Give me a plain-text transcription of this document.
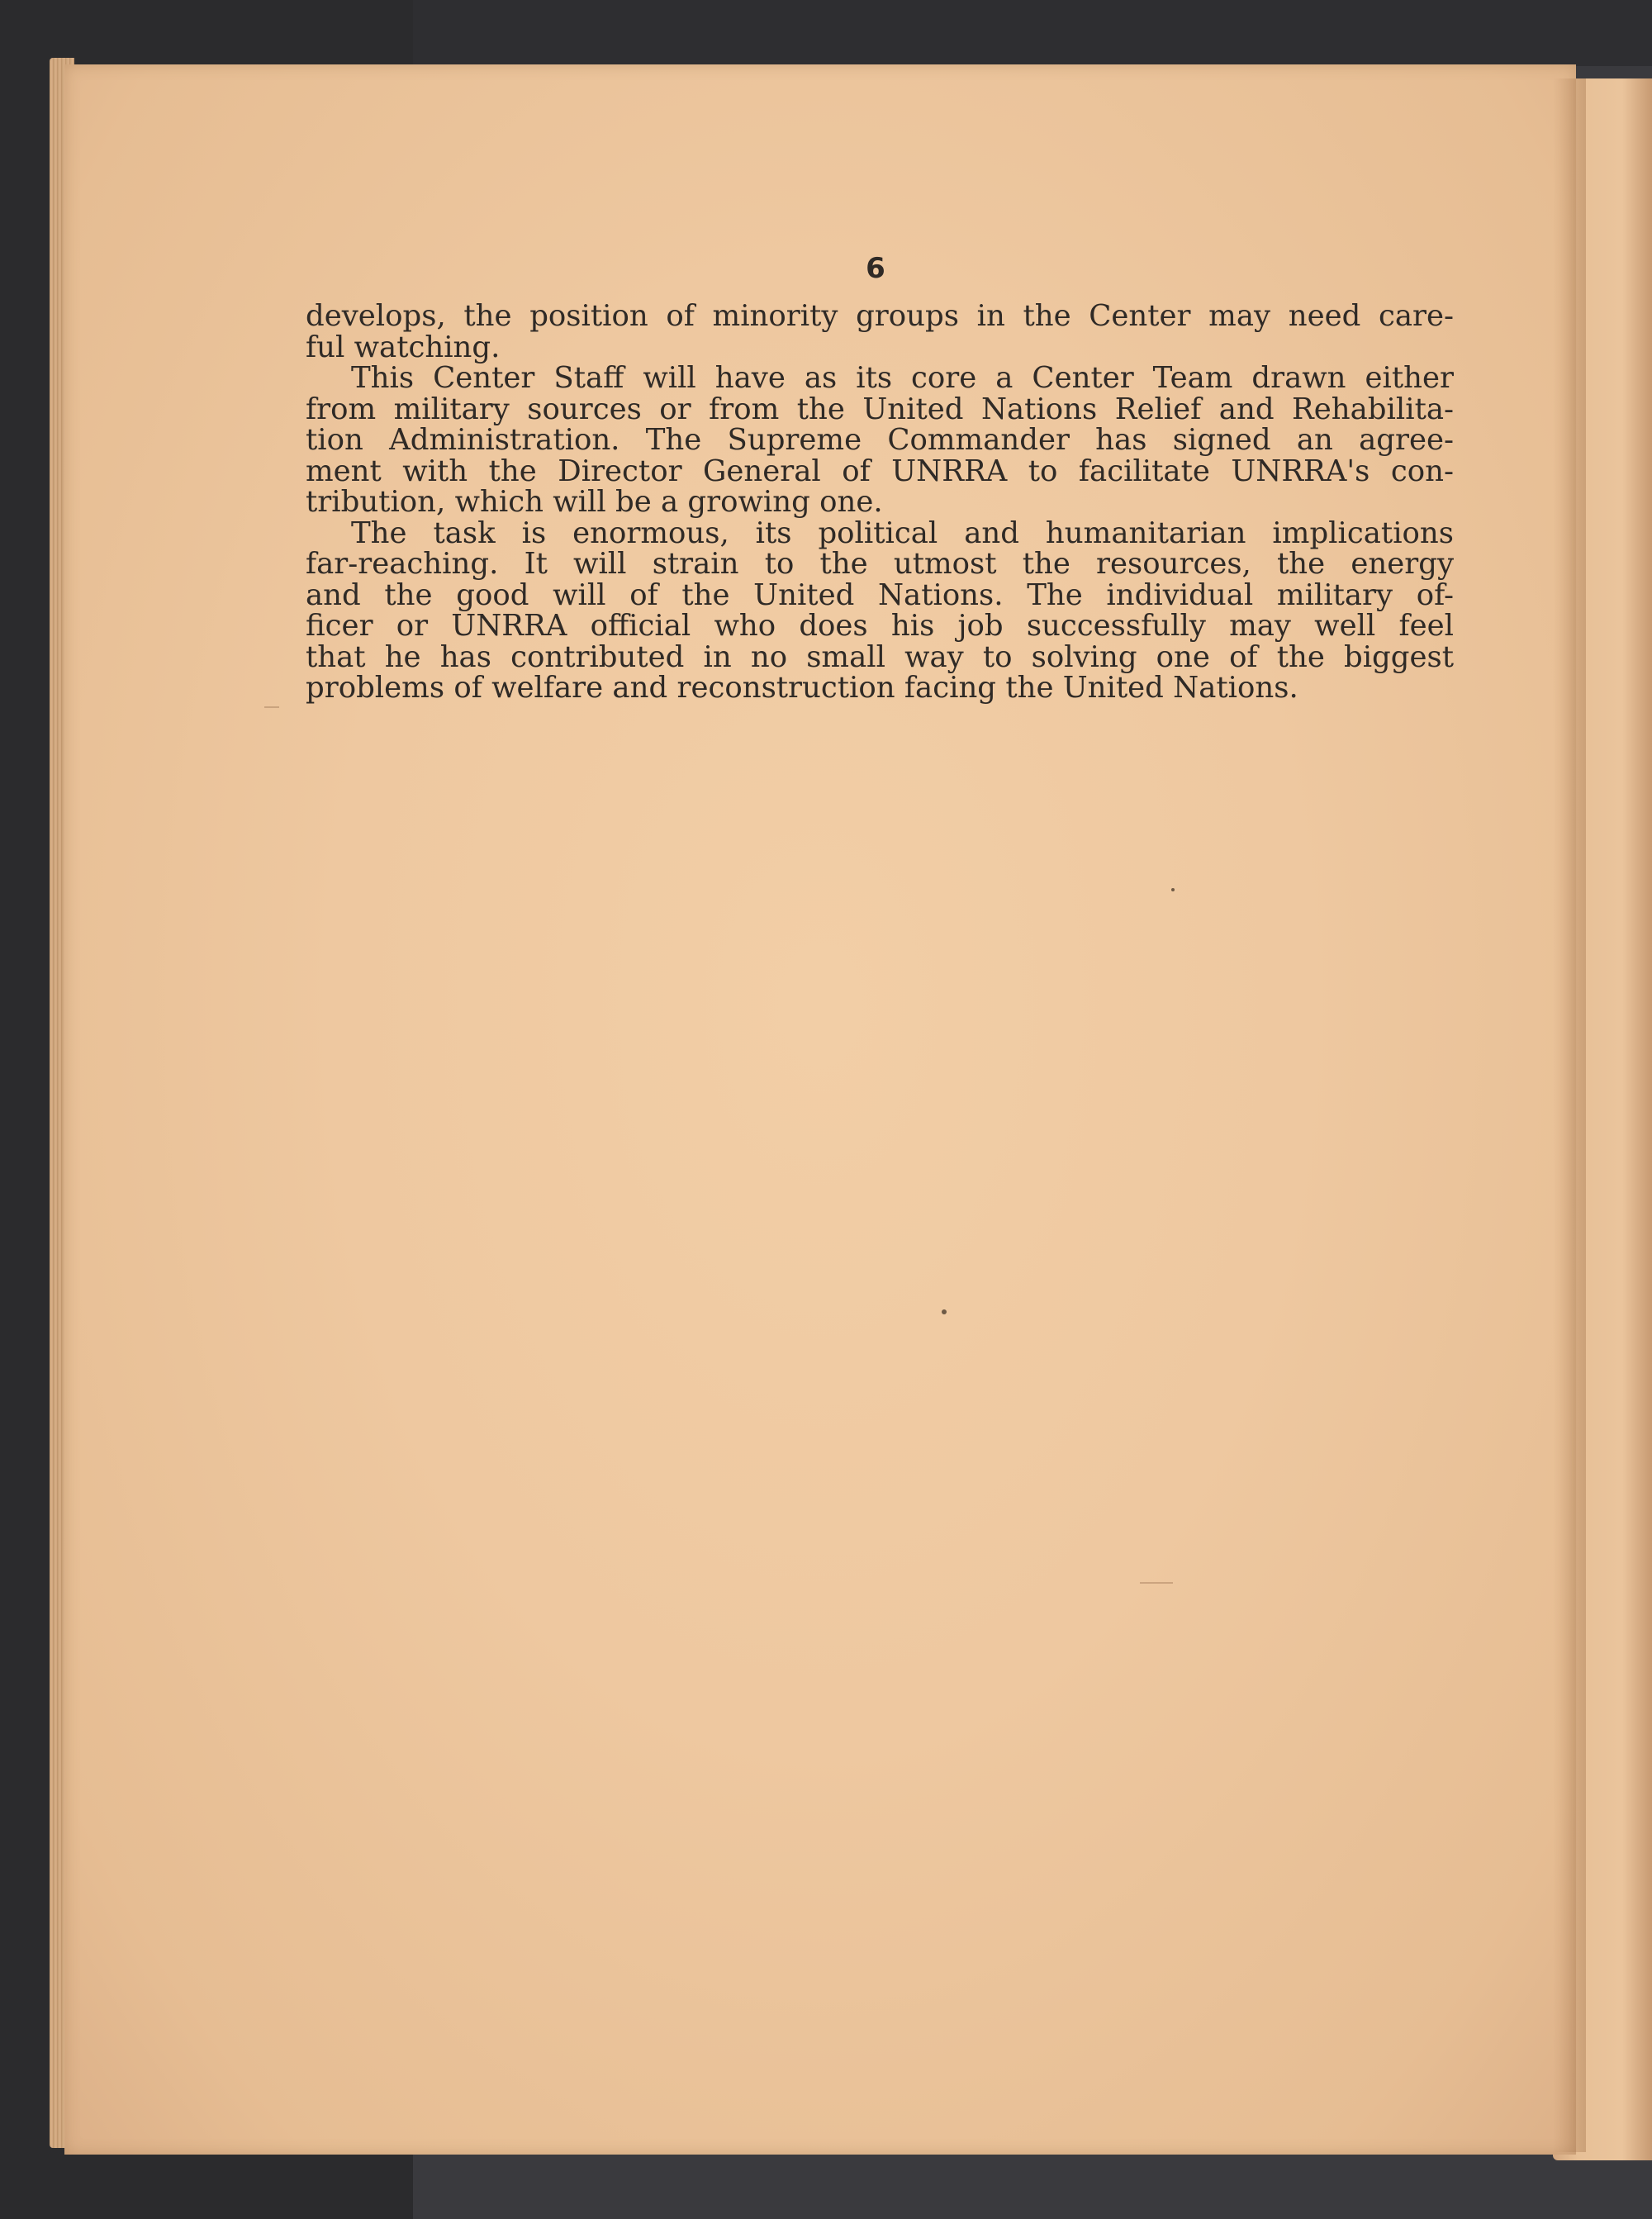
6
develops, the position of minority groups in the Center may need care-
ful watching.
This Center Staff will have as its core a Center Team drawn either
from military sources or from the United Nations Relief and Rehabilita-
tion Administration. The Supreme Commander has signed an agree-
ment with the Director General of UNRRA to facilitate UNRRA's con-
tribution, which will be a growing one.
The task is enormous, its political and humanitarian implications
far-reaching. It will strain to the utmost the resources, the energy
and the good will of the United Nations. The individual military of-
ficer or UNRRA official who does his job successfully may well feel
that he has contributed in no small way to solving one of the biggest
problems of welfare and reconstruction facing the United Nations.
